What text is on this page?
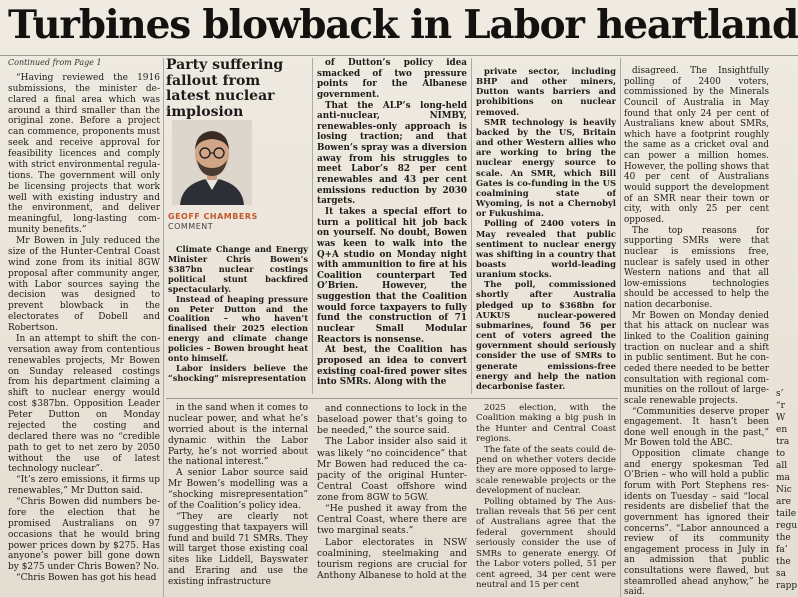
Turbines blowback in Labor heartland

Continued from Page 1

“Having reviewed the 1916 submissions, the minister de clared a final area which was around a third smaller than the original zone. Before a project can commence, proponents must seek and receive approval for feasibility licences and comply with strict environmental regulations. The government will only be licensing projects that work well with existing industry and the environment, and deliver meaningful, long-lasting community benefits.”

Mr Bowen in July reduced the size of the Hunter-Central Coast wind zone from its initial 8GW proposal after community anger, with Labor sources saying the decision was designed to prevent blowback in the electorates of Dobell and Robertson.

In an attempt to shift the conversation away from contentious renewables projects, Mr Bowen on Sunday released costings from his department claiming a shift to nuclear energy would cost $387bn. Opposition Leader Peter Dutton on Monday rejected the costing and declared there was no “credible path to get to net zero by 2050 without the use of latest technology nuclear”.

“It’s zero emissions, it firms up renewables,” Mr Dutton said.

“Chris Bowen did numbers before the election that he promised Australians on 97 occasions that he would bring power prices down by $275. Has anyone’s power bill gone down by $275 under Chris Bowen? No.

“Chris Bowen has got his head

Party suffering fallout from latest nuclear implosion
GEOFF CHAMBERS
COMMENT

Climate Change and Energy Minister Chris Bowen’s $387bn nuclear costings political stunt backfired spectacularly.

Instead of heaping pressure on Peter Dutton and the Coalition – who haven’t finalised their 2025 election energy and climate change policies – Bowen brought heat onto himself.

Labor insiders believe the “shocking” misrepresentation

of Dutton’s policy idea smacked of two pressure points for the Albanese government.

That the ALP’s long-held anti-nuclear, NIMBY, renewables-only approach is losing traction; and that Bowen’s spray was a diversion away from his struggles to meet Labor’s 82 per cent renewables and 43 per cent emissions reduction by 2030 targets.

It takes a special effort to turn a political hit job back on yourself. No doubt, Bowen was keen to walk into the Q+A studio on Monday night with ammunition to fire at his Coalition counterpart Ted O’Brien. However, the suggestion that the Coalition would force taxpayers to fully fund the construction of 71 nuclear Small Modular Reactors is nonsense.

At best, the Coalition has proposed an idea to convert existing coal-fired power sites into SMRs. Along with the

private sector, including BHP and other miners, Dutton wants barriers and prohibitions on nuclear removed.

SMR technology is heavily backed by the US, Britain and other Western allies who are working to bring the nuclear energy source to scale. An SMR, which Bill Gates is co-funding in the US coalmining state of Wyoming, is not a Chernobyl or Fukushima.

Polling of 2400 voters in May revealed that public sentiment to nuclear energy was shifting in a country that boasts world-leading uranium stocks.

The poll, commissioned shortly after Australia pledged up to $368bn for AUKUS nuclear-powered submarines, found 56 per cent of voters agreed the government should seriously consider the use of SMRs to generate emissions-free energy and help the nation decarbonise faster.

in the sand when it comes to nuclear power, and what he’s worried about is the internal dynamic within the Labor Party, he’s not worried about the national interest.”

A senior Labor source said Mr Bowen’s modelling was a “shocking misrepresentation” of the Coalition’s policy idea.

“They are clearly not suggesting that taxpayers will fund and build 71 SMRs. They will target those existing coal sites like Liddell, Bayswater and Eraring and use the existing infrastructure

and connections to lock in the baseload power that’s going to be needed,” the source said.

The Labor insider also said it was likely “no coincidence” that Mr Bowen had reduced the capacity of the original Hunter-Central Coast offshore wind zone from 8GW to 5GW.

“He pushed it away from the Central Coast, where there are two marginal seats.”

Labor electorates in NSW coalmining, steelmaking and tourism regions are crucial for Anthony Albanese to hold at the

2025 election, with the Coalition making a big push in the Hunter and Central Coast regions.

The fate of the seats could depend on whether voters decide they are more opposed to large-scale renewable projects or the development of nuclear.

Polling obtained by The Australian reveals that 56 per cent of Australians agree that the federal government should seriously consider the use of SMRs to generate energy. Of the Labor voters polled, 51 per cent agreed, 34 per cent were neutral and 15 per cent

disagreed. The Insightfully polling of 2400 voters, commissioned by the Minerals Council of Australia in May found that only 24 per cent of Australians knew about SMRs, which have a footprint roughly the same as a cricket oval and can power a million homes. However, the polling shows that 40 per cent of Australians would support the development of an SMR near their town or city, with only 25 per cent opposed.

The top reasons for supporting SMRs were that nuclear is emissions free, nuclear is safely used in other Western nations and that all low-emissions technologies should be accessed to help the nation decarbonise.

Mr Bowen on Monday denied that his attack on nuclear was linked to the Coalition gaining traction on nuclear and a shift in public sentiment. But he conceded there needed to be better consultation with regional communities on the rollout of large-scale renewable projects.

“Communities deserve proper engagement. It hasn’t been done well enough in the past,” Mr Bowen told the ABC.

Opposition climate change and energy spokesman Ted O’Brien – who will hold a public forum with Port Stephens residents on Tuesday – said “local residents are disbelief that the government has ignored their concerns”. “Labor announced a review of its community engagement process in July in an admission that public consultations were flawed, but steamrolled ahead anyhow,” he said.

s’
“r
W
en
tra
to
all
ma
Nic
are
taile
regu
the
fa’
the
sa
rapp
